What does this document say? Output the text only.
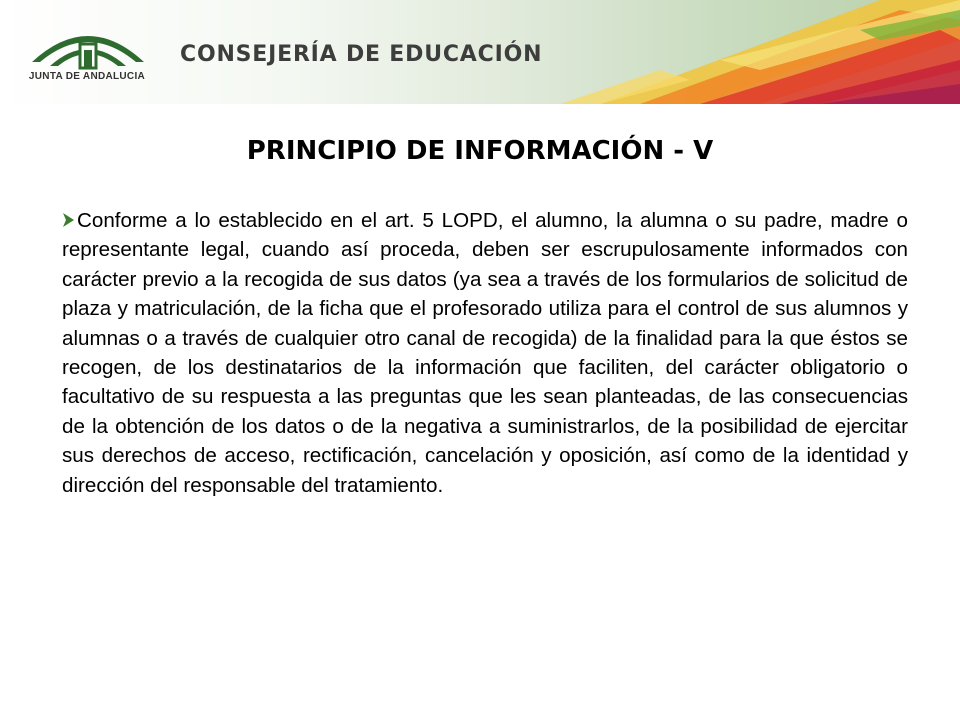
JUNTA DE ANDALUCIA
CONSEJERÍA DE EDUCACIÓN
PRINCIPIO DE INFORMACIÓN - V
Conforme a lo establecido en el art. 5 LOPD, el alumno, la alumna o su padre, madre o representante legal, cuando así proceda, deben ser escrupulosamente informados con carácter previo a la recogida de sus datos (ya sea a través de los formularios de solicitud de plaza y matriculación, de la ficha que el profesorado utiliza para el control de sus alumnos y alumnas o a través de cualquier otro canal de recogida) de la finalidad para la que éstos se recogen, de los destinatarios de la información que faciliten, del carácter obligatorio o facultativo de su respuesta a las preguntas que les sean planteadas, de las consecuencias de la obtención de los datos o de la negativa a suministrarlos, de la posibilidad de ejercitar sus derechos de acceso, rectificación, cancelación y oposición, así como de la identidad y dirección del responsable del tratamiento.
